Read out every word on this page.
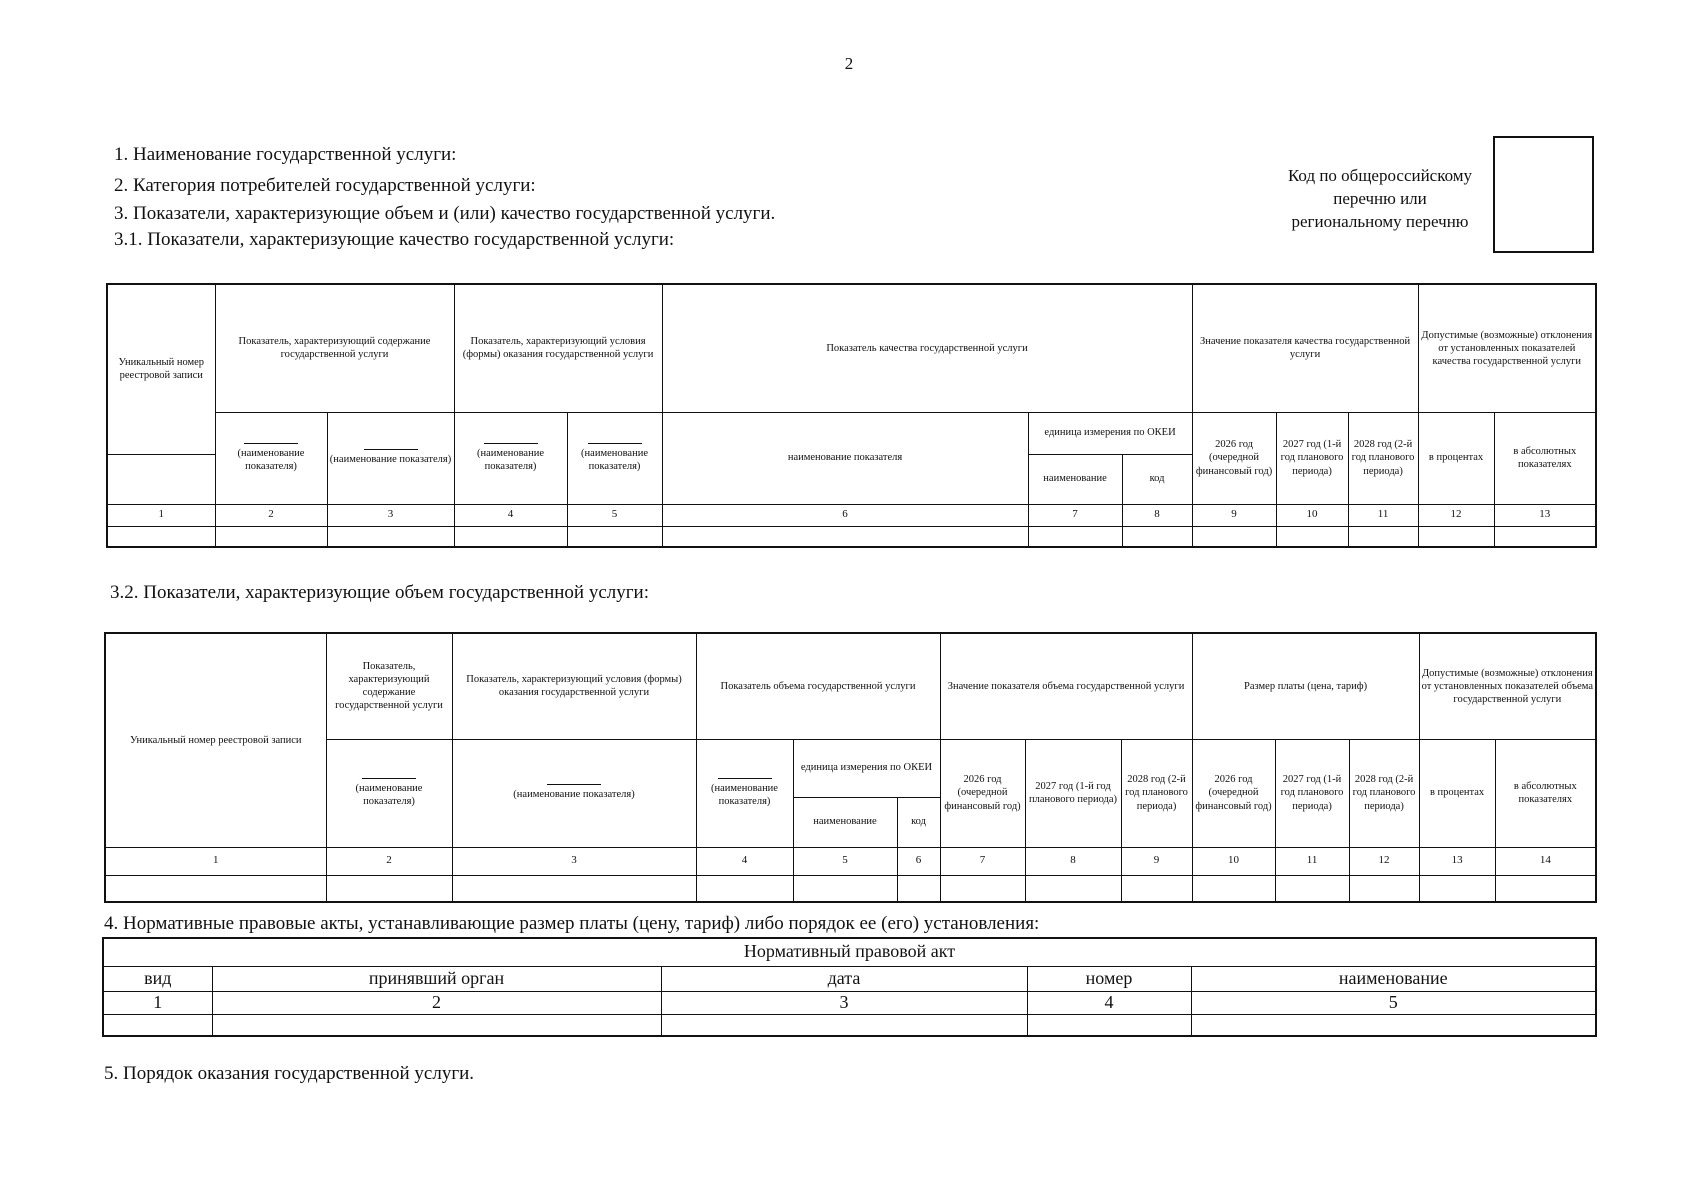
2
1. Наименование государственной услуги:
2. Категория потребителей государственной услуги:
3. Показатели, характеризующие объем и (или) качество государственной услуги.
3.1. Показатели, характеризующие качество государственной услуги:
Код по общероссийскому
перечню или
региональному перечню
Уникальный номер реестровой записи	Показатель, характеризующий содержание государственной услуги		Показатель, характеризующий условия (формы) оказания государственной услуги		Показатель качества государственной услуги			Значение показателя качества государственной услуги			Допустимые (возможные) отклонения от установленных показателей качества государственной услуги	

(наименование показателя)	(наименование показателя)	(наименование показателя)	(наименование показателя)	наименование показателя	единица измерения по ОКЕИ		2026 год (очередной финансовый год)	2027 год (1-й год планового периода)	2028 год (2-й год планового периода)	в процентах	в абсолютных показателях
						наименование	код					
1	2	3	4	5	6	7	8	9	10	11	12	13

3.2. Показатели, характеризующие объем государственной услуги:
Уникальный номер реестровой записи	Показатель, характеризующий содержание государственной услуги	Показатель, характеризующий условия (формы) оказания государственной услуги	Показатель объема государственной услуги			Значение показателя объема государственной услуги			Размер платы (цена, тариф)			Допустимые (возможные) отклонения от установленных показателей объема государственной услуги	

(наименование показателя)	(наименование показателя)	(наименование показателя)	единица измерения по ОКЕИ		2026 год (очередной финансовый год)	2027 год (1-й год планового периода)	2028 год (2-й год планового периода)	2026 год (очередной финансовый год)	2027 год (1-й год планового периода)	2028 год (2-й год планового периода)	в процентах	в абсолютных показателях
				наименование	код								
1	2	3	4	5	6	7	8	9	10	11	12	13	14

4. Нормативные правовые акты, устанавливающие размер платы (цену, тариф) либо порядок ее (его) установления:
Нормативный правовой акт				
вид	принявший орган	дата	номер	наименование
1	2	3	4	5

5. Порядок оказания государственной услуги.
